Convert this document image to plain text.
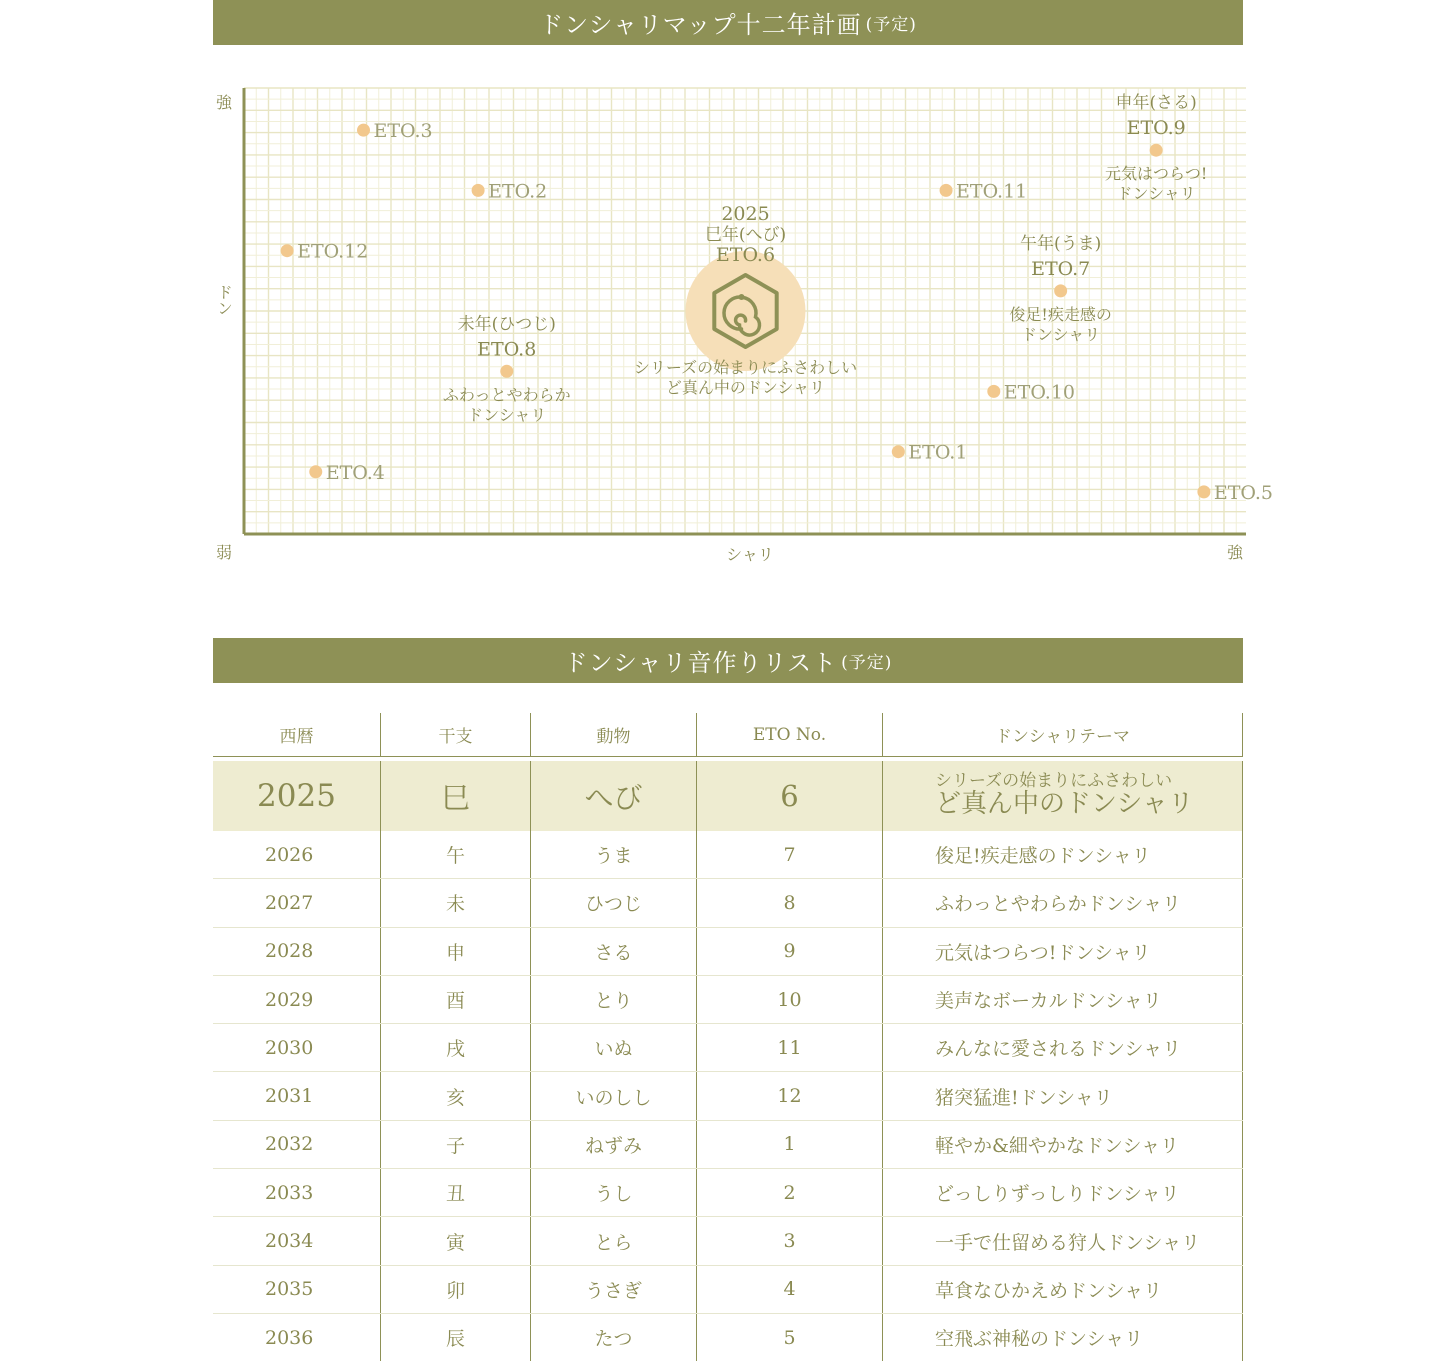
ドンシャリマップ十二年計画 (予定)
ETO.1
ETO.2
ETO.3
ETO.4
ETO.5
2025
巳年(へび)
ETO.6
シリーズの始まりにふさわしい
ど真ん中のドンシャリ
午年(うま)
ETO.7
俊足!疾走感の
ドンシャリ
未年(ひつじ)
ETO.8
ふわっとやわらか
ドンシャリ
申年(さる)
ETO.9
元気はつらつ!
ドンシャリ
ETO.10
ETO.11
ETO.12
強
ドン
弱	シャリ	強
ドンシャリ音作りリスト (予定)
西暦	干支	動物	ETO No.	ドンシャリテーマ
2025	巳	へび	6	シリーズの始まりにふさわしい
ど真ん中のドンシャリ
2026	午	うま	7	俊足!疾走感のドンシャリ
2027	未	ひつじ	8	ふわっとやわらかドンシャリ
2028	申	さる	9	元気はつらつ!ドンシャリ
2029	酉	とり	10	美声なボーカルドンシャリ
2030	戌	いぬ	11	みんなに愛されるドンシャリ
2031	亥	いのしし	12	猪突猛進!ドンシャリ
2032	子	ねずみ	1	軽やか&細やかなドンシャリ
2033	丑	うし	2	どっしりずっしりドンシャリ
2034	寅	とら	3	一手で仕留める狩人ドンシャリ
2035	卯	うさぎ	4	草食なひかえめドンシャリ
2036	辰	たつ	5	空飛ぶ神秘のドンシャリ
